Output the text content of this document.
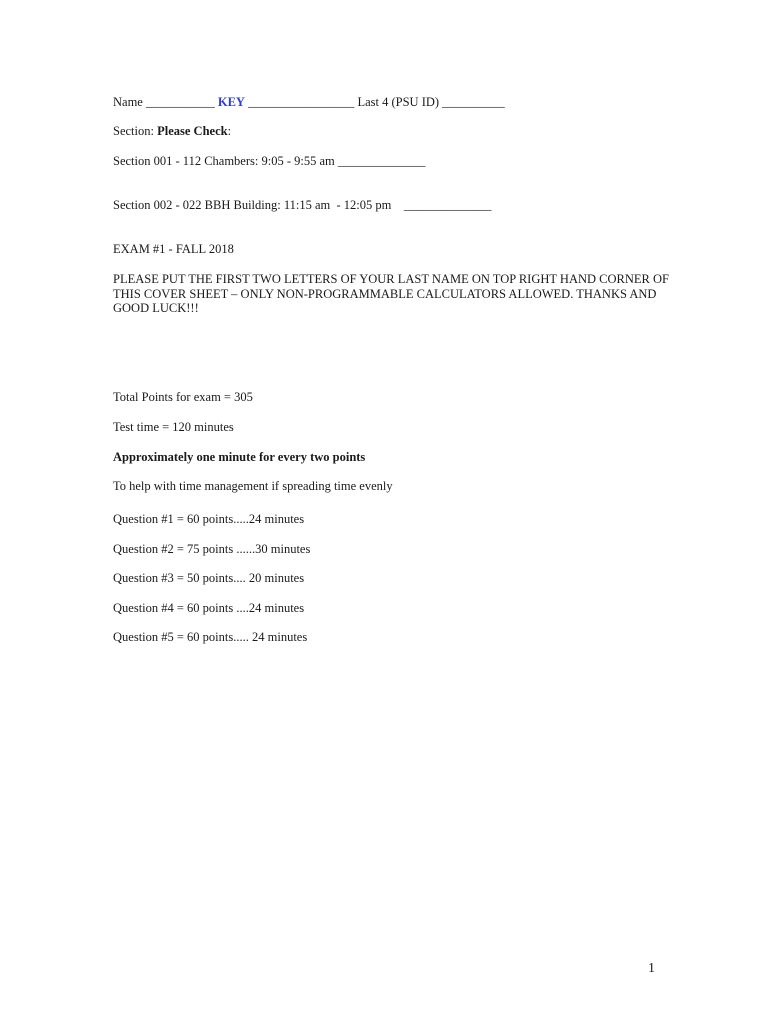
Name ___________ KEY _________________ Last 4 (PSU ID) __________
Section: Please Check:
Section 001 - 112 Chambers: 9:05 - 9:55 am ______________
Section 002 - 022 BBH Building: 11:15 am  - 12:05 pm    ______________
EXAM #1 - FALL 2018
PLEASE PUT THE FIRST TWO LETTERS OF YOUR LAST NAME ON TOP RIGHT HAND CORNER OF THIS COVER SHEET – ONLY NON-PROGRAMMABLE CALCULATORS ALLOWED. THANKS AND GOOD LUCK!!!
Total Points for exam = 305
Test time = 120 minutes
Approximately one minute for every two points
To help with time management if spreading time evenly
Question #1 = 60 points.....24 minutes
Question #2 = 75 points ......30 minutes
Question #3 = 50 points.... 20 minutes
Question #4 = 60 points ....24 minutes
Question #5 = 60 points..... 24 minutes
1
